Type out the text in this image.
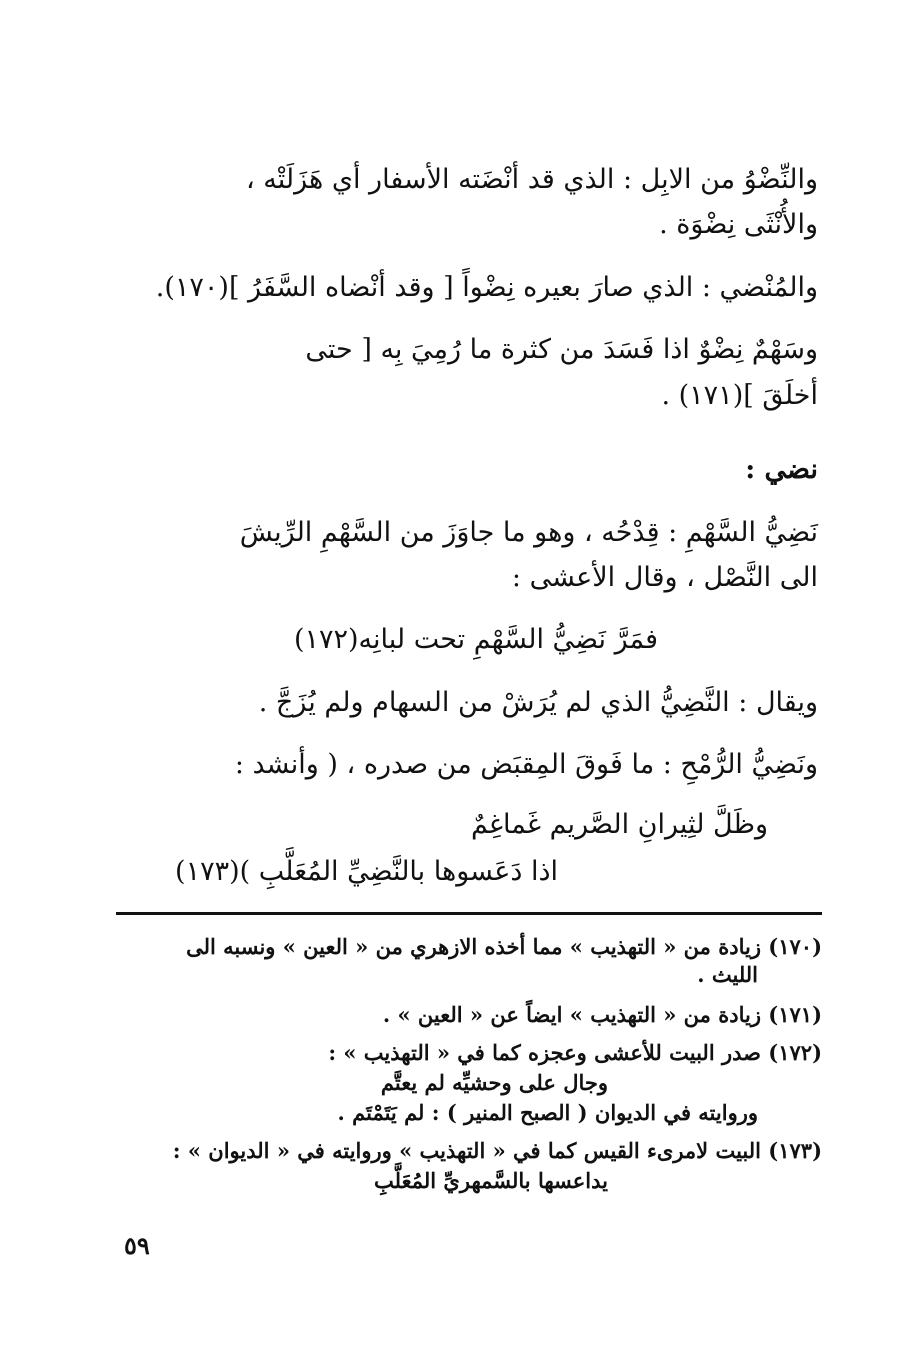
والنِّضْوُ من الابِل : الذي قد أنْضَته الأسفار أي هَزَلَتْه ،
والأُنْثَى نِضْوَة .
والمُنْضي : الذي صارَ بعيره نِضْواً [ وقد أنْضاه السَّفَرُ ](١٧٠).
وسَهْمٌ نِضْوٌ اذا فَسَدَ من كثرة ما رُمِيَ بِه [ حتى
أخلَقَ ](١٧١) .
نضي :
نَضِيُّ السَّهْمِ : قِدْحُه ، وهو ما جاوَزَ من السَّهْمِ الرِّيشَ
الى النَّصْل ، وقال الأعشى :
فمَرَّ نَضِيُّ السَّهْمِ تحت لبانِه(١٧٢)
ويقال : النَّضِيُّ الذي لم يُرَشْ من السهام ولم يُزَجَّ .
ونَضِيُّ الرُّمْحِ : ما فَوقَ المِقبَض من صدره ، ( وأنشد :
وظَلَّ لثِيرانِ الصَّريم غَماغِمٌ
اذا دَعَسوها بالنَّضِيِّ المُعَلَّبِ )(١٧٣)
(١٧٠) زيادة من « التهذيب » مما أخذه الازهري من « العين » ونسبه الى
الليث .
(١٧١) زيادة من « التهذيب » ايضاً عن « العين » .
(١٧٢) صدر البيت للأعشى وعجزه كما في « التهذيب » :
وجال على وحشيِّه لم يعتَّم
وروايته في الديوان ( الصبح المنير ) : لم يَتَمْتَم .
(١٧٣) البيت لامرىء القيس كما في « التهذيب » وروايته في « الديوان » :
يداعسها بالسَّمهريِّ المُعَلَّبِ
٥٩
